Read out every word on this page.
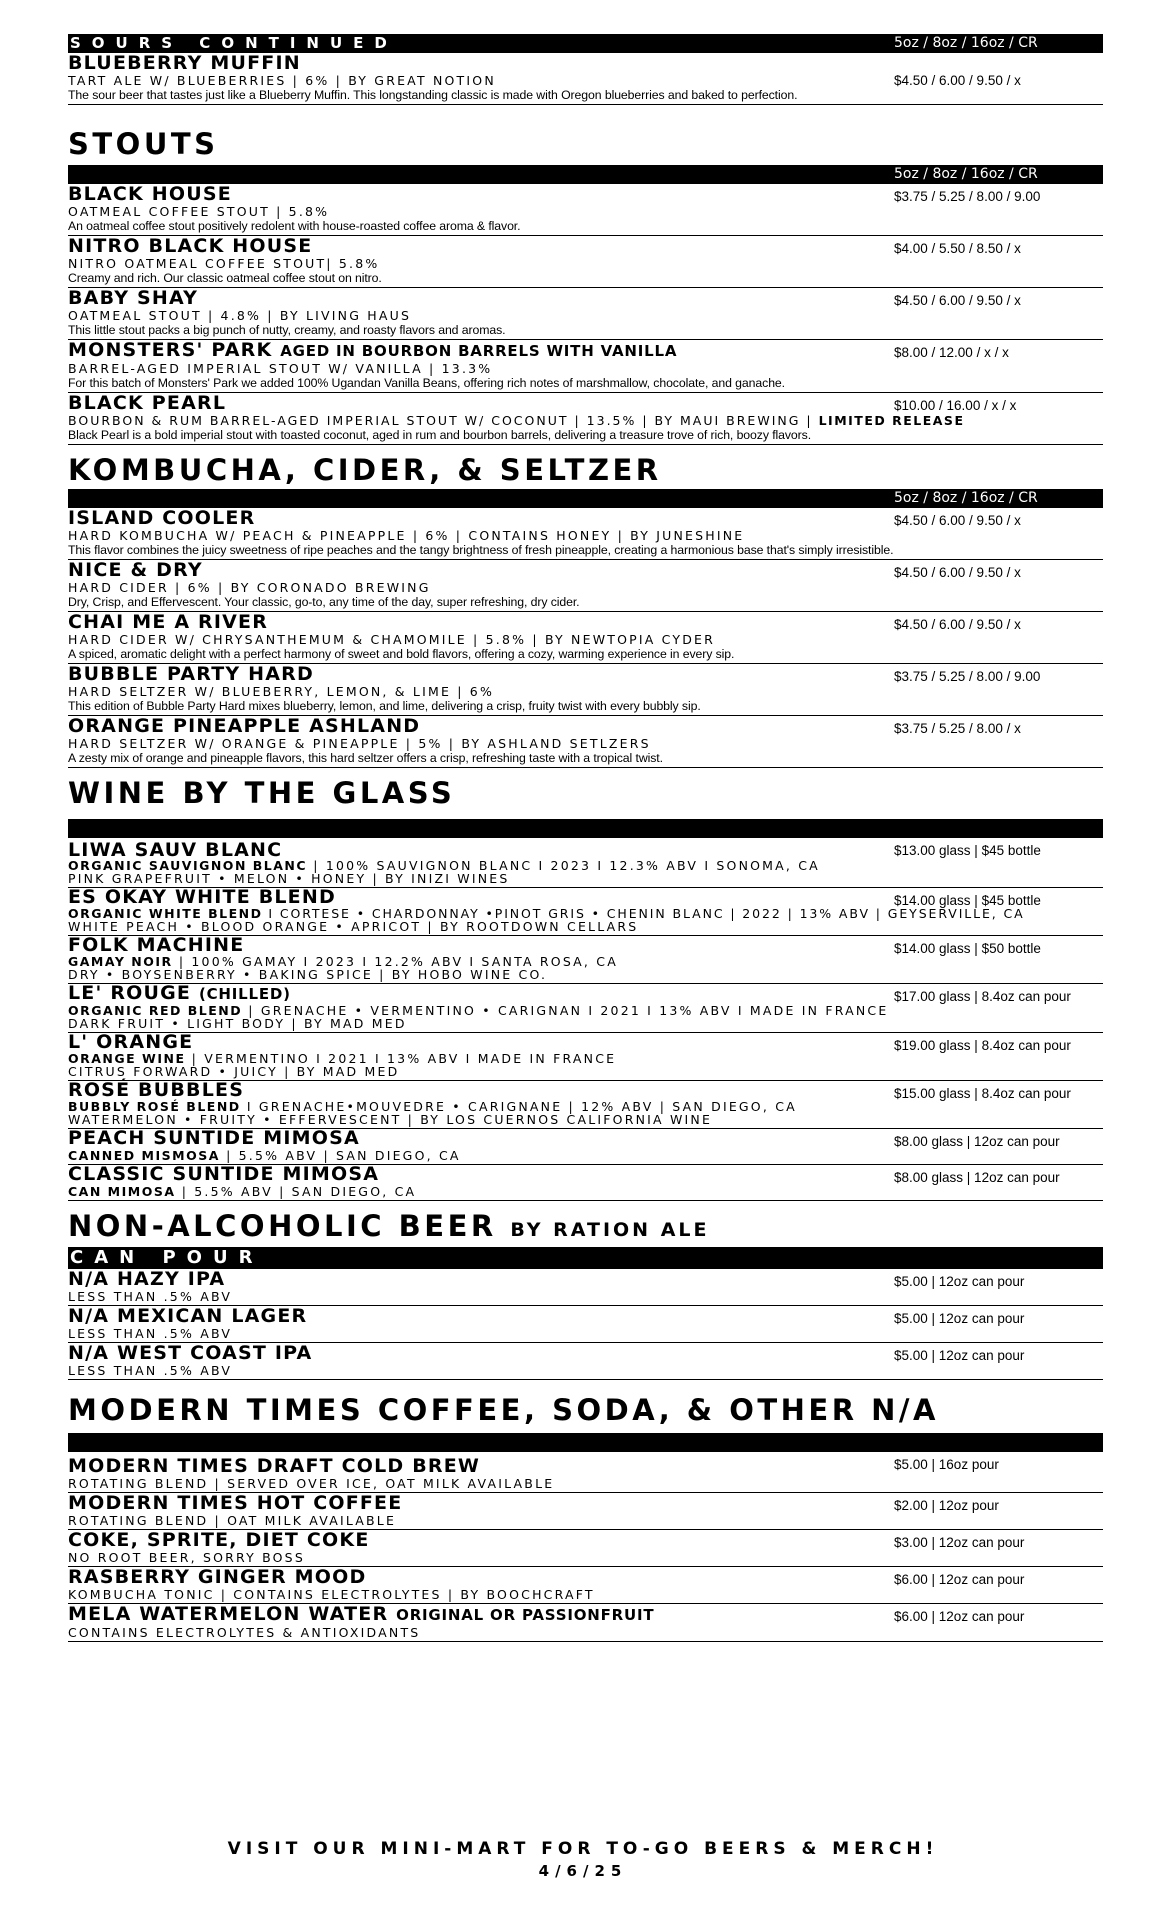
SOURS CONTINUED	5oz / 8oz / 16oz / CR
BLUEBERRY MUFFIN
TART ALE W/ BLUEBERRIES | 6% | BY GREAT NOTION
The sour beer that tastes just like a Blueberry Muffin. This longstanding classic is made with Oregon blueberries and baked to perfection.
$4.50 / 6.00 / 9.50 / x
STOUTS
5oz / 8oz / 16oz / CR
BLACK HOUSE
OATMEAL COFFEE STOUT | 5.8%
An oatmeal coffee stout positively redolent with house-roasted coffee aroma & flavor.
$3.75 / 5.25 / 8.00 / 9.00
NITRO BLACK HOUSE
NITRO OATMEAL COFFEE STOUT| 5.8%
Creamy and rich. Our classic oatmeal coffee stout on nitro.
$4.00 / 5.50 / 8.50 / x
BABY SHAY
OATMEAL STOUT | 4.8% | BY LIVING HAUS
This little stout packs a big punch of nutty, creamy, and roasty flavors and aromas.
$4.50 / 6.00 / 9.50 / x
MONSTERS' PARK AGED IN BOURBON BARRELS WITH VANILLA
BARREL-AGED IMPERIAL STOUT W/ VANILLA | 13.3%
For this batch of Monsters' Park we added 100% Ugandan Vanilla Beans, offering rich notes of marshmallow, chocolate, and ganache.
$8.00 / 12.00 / x / x
BLACK PEARL
BOURBON & RUM BARREL-AGED IMPERIAL STOUT W/ COCONUT | 13.5% | BY MAUI BREWING | LIMITED RELEASE
Black Pearl is a bold imperial stout with toasted coconut, aged in rum and bourbon barrels, delivering a treasure trove of rich, boozy flavors.
$10.00 / 16.00 / x / x
KOMBUCHA, CIDER, & SELTZER
5oz / 8oz / 16oz / CR
ISLAND COOLER
HARD KOMBUCHA W/ PEACH & PINEAPPLE | 6% | CONTAINS HONEY | BY JUNESHINE
This flavor combines the juicy sweetness of ripe peaches and the tangy brightness of fresh pineapple, creating a harmonious base that's simply irresistible.
$4.50 / 6.00 / 9.50 / x
NICE & DRY
HARD CIDER | 6% | BY CORONADO BREWING
Dry, Crisp, and Effervescent. Your classic, go-to, any time of the day, super refreshing, dry cider.
$4.50 / 6.00 / 9.50 / x
CHAI ME A RIVER
HARD CIDER W/ CHRYSANTHEMUM & CHAMOMILE | 5.8% | BY NEWTOPIA CYDER
A spiced, aromatic delight with a perfect harmony of sweet and bold flavors, offering a cozy, warming experience in every sip.
$4.50 / 6.00 / 9.50 / x
BUBBLE PARTY HARD
HARD SELTZER W/ BLUEBERRY, LEMON, & LIME | 6%
This edition of Bubble Party Hard mixes blueberry, lemon, and lime, delivering a crisp, fruity twist with every bubbly sip.
$3.75 / 5.25 / 8.00 / 9.00
ORANGE PINEAPPLE ASHLAND
HARD SELTZER W/ ORANGE & PINEAPPLE | 5% | BY ASHLAND SETLZERS
A zesty mix of orange and pineapple flavors, this hard seltzer offers a crisp, refreshing taste with a tropical twist.
$3.75 / 5.25 / 8.00 / x
WINE BY THE GLASS
LIWA SAUV BLANC
ORGANIC SAUVIGNON BLANC | 100% SAUVIGNON BLANC I 2023 I 12.3% ABV I SONOMA, CA
PINK GRAPEFRUIT • MELON • HONEY | BY INIZI WINES
$13.00 glass | $45 bottle
ES OKAY WHITE BLEND
ORGANIC WHITE BLEND I CORTESE • CHARDONNAY •PINOT GRIS • CHENIN BLANC | 2022 | 13% ABV | GEYSERVILLE, CA
WHITE PEACH • BLOOD ORANGE • APRICOT | BY ROOTDOWN CELLARS
$14.00 glass | $45 bottle
FOLK MACHINE
GAMAY NOIR | 100% GAMAY I 2023 I 12.2% ABV I SANTA ROSA, CA
DRY • BOYSENBERRY • BAKING SPICE | BY HOBO WINE CO.
$14.00 glass | $50 bottle
LE' ROUGE (CHILLED)
ORGANIC RED BLEND | GRENACHE • VERMENTINO • CARIGNAN I 2021 I 13% ABV I MADE IN FRANCE
DARK FRUIT • LIGHT BODY | BY MAD MED
$17.00 glass | 8.4oz can pour
L' ORANGE
ORANGE WINE | VERMENTINO I 2021 I 13% ABV I MADE IN FRANCE
CITRUS FORWARD • JUICY | BY MAD MED
$19.00 glass | 8.4oz can pour
ROSÉ BUBBLES
BUBBLY ROSÉ BLEND I GRENACHE•MOUVEDRE • CARIGNANE | 12% ABV | SAN DIEGO, CA
WATERMELON • FRUITY • EFFERVESCENT | BY LOS CUERNOS CALIFORNIA WINE
$15.00 glass | 8.4oz can pour
PEACH SUNTIDE MIMOSA
CANNED MISMOSA | 5.5% ABV | SAN DIEGO, CA
$8.00 glass | 12oz can pour
CLASSIC SUNTIDE MIMOSA
CAN MIMOSA | 5.5% ABV | SAN DIEGO, CA
$8.00 glass | 12oz can pour
NON-ALCOHOLIC BEER BY RATION ALE
CAN POUR
N/A HAZY IPA
LESS THAN .5% ABV
$5.00 | 12oz can pour
N/A MEXICAN LAGER
LESS THAN .5% ABV
$5.00 | 12oz can pour
N/A WEST COAST IPA
LESS THAN .5% ABV
$5.00 | 12oz can pour
MODERN TIMES COFFEE, SODA, & OTHER N/A
MODERN TIMES DRAFT COLD BREW
ROTATING BLEND | SERVED OVER ICE, OAT MILK AVAILABLE
$5.00 | 16oz pour
MODERN TIMES HOT COFFEE
ROTATING BLEND | OAT MILK AVAILABLE
$2.00 | 12oz pour
COKE, SPRITE, DIET COKE
NO ROOT BEER, SORRY BOSS
$3.00 | 12oz can pour
RASBERRY GINGER MOOD
KOMBUCHA TONIC | CONTAINS ELECTROLYTES | BY BOOCHCRAFT
$6.00 | 12oz can pour
MELA WATERMELON WATER ORIGINAL OR PASSIONFRUIT
CONTAINS ELECTROLYTES & ANTIOXIDANTS
$6.00 | 12oz can pour
VISIT OUR MINI-MART FOR TO-GO BEERS & MERCH!
4/6/25
